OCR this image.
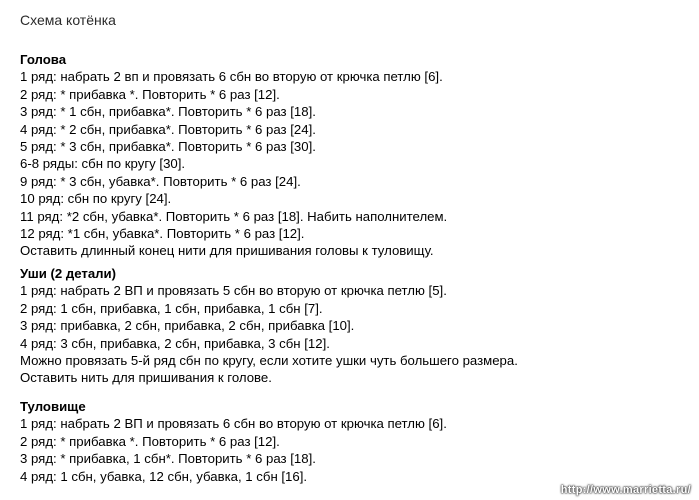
Схема котёнка
Голова
1 ряд: набрать 2 вп и провязать 6 сбн во вторую от крючка петлю [6].
2 ряд: * прибавка *. Повторить * 6 раз [12].
3 ряд: * 1 сбн, прибавка*. Повторить * 6 раз [18].
4 ряд: * 2 сбн, прибавка*. Повторить * 6 раз [24].
5 ряд: * 3 сбн, прибавка*. Повторить * 6 раз [30].
6-8 ряды: сбн по кругу [30].
9 ряд: * 3 сбн, убавка*. Повторить * 6 раз [24].
10 ряд: сбн по кругу [24].
11 ряд: *2 сбн, убавка*. Повторить * 6 раз [18]. Набить наполнителем.
12 ряд: *1 сбн, убавка*. Повторить * 6 раз [12].
Оставить длинный конец нити для пришивания головы к туловищу.
Уши (2 детали)
1 ряд: набрать 2 ВП и провязать 5 сбн во вторую от крючка петлю [5].
2 ряд: 1 сбн, прибавка, 1 сбн, прибавка, 1 сбн [7].
3 ряд: прибавка, 2 сбн, прибавка, 2 сбн, прибавка [10].
4 ряд: 3 сбн, прибавка, 2 сбн, прибавка, 3 сбн [12].
Можно провязать 5-й ряд сбн по кругу, если хотите ушки чуть большего размера.
Оставить нить для пришивания к голове.
Туловище
1 ряд: набрать 2 ВП и провязать 6 сбн во вторую от крючка петлю [6].
2 ряд: * прибавка *. Повторить * 6 раз [12].
3 ряд: * прибавка, 1 сбн*. Повторить * 6 раз [18].
4 ряд: 1 сбн, убавка, 12 сбн, убавка, 1 сбн [16].
http://www.marrietta.ru/
